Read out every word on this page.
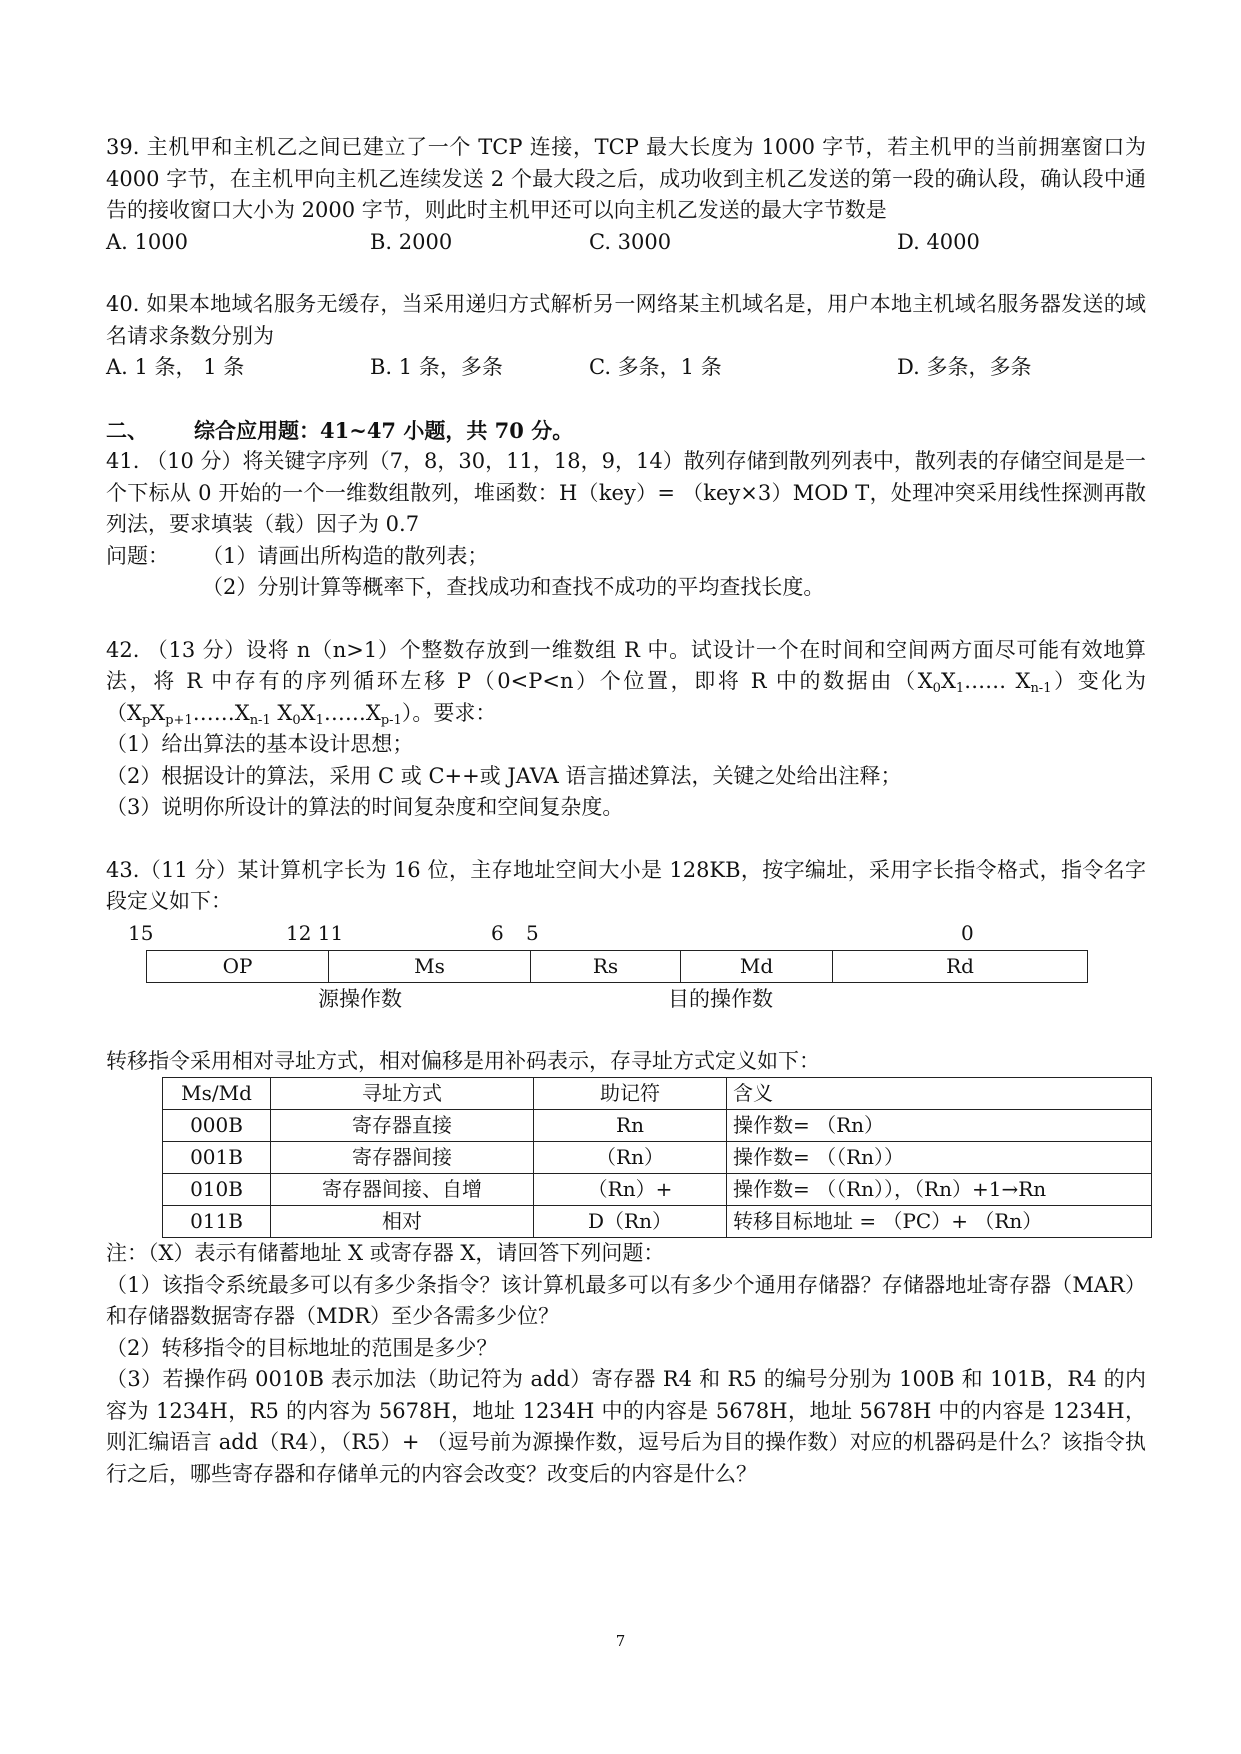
39. 主机甲和主机乙之间已建立了一个 TCP 连接，TCP 最大长度为 1000 字节，若主机甲的当前拥塞窗口为 4000 字节，在主机甲向主机乙连续发送 2 个最大段之后，成功收到主机乙发送的第一段的确认段，确认段中通告的接收窗口大小为 2000 字节，则此时主机甲还可以向主机乙发送的最大字节数是

A. 1000	B. 2000	C. 3000	D. 4000

40. 如果本地域名服务无缓存，当采用递归方式解析另一网络某主机域名是，用户本地主机域名服务器发送的域名请求条数分别为

A. 1 条， 1 条	B. 1 条，多条	C. 多条，1 条	D. 多条，多条

二、 综合应用题：41~47 小题，共 70 分。

41. （10 分）将关键字序列（7，8，30，11，18，9，14）散列存储到散列列表中，散列表的存储空间是是一个下标从 0 开始的一个一维数组散列，堆函数：H（key）= （key×3）MOD T，处理冲突采用线性探测再散列法，要求填装（载）因子为 0.7

问题： （1）请画出所构造的散列表；

（2）分别计算等概率下，查找成功和查找不成功的平均查找长度。

42. （13 分）设将 n（n>1）个整数存放到一维数组 R 中。试设计一个在时间和空间两方面尽可能有效地算法，将 R 中存有的序列循环左移 P（0<P<n）个位置，即将 R 中的数据由（$X_0X_1\dots\dots$ $X_{n-1}$）变化为（$X_pX_{p+1}\dots\dots X_{n-1}$ $X_0X_1\dots\dots X_{p-1}$）。要求：

（1）给出算法的基本设计思想；

（2）根据设计的算法，采用 C 或 C++或 JAVA 语言描述算法，关键之处给出注释；

（3）说明你所设计的算法的时间复杂度和空间复杂度。

43.（11 分）某计算机字长为 16 位，主存地址空间大小是 128KB，按字编址，采用字长指令格式，指令名字段定义如下：

15	12 11	6 5	0
OP	Ms	Rs	Md	Rd
源操作数	目的操作数

转移指令采用相对寻址方式，相对偏移是用补码表示，存寻址方式定义如下：

Ms/Md	寻址方式	助记符	含义
000B	寄存器直接	Rn	操作数= （Rn）
001B	寄存器间接	（Rn）	操作数= （（Rn））
010B	寄存器间接、自增	（Rn）+	操作数= （（Rn）），（Rn）+1→Rn
011B	相对	D（Rn）	转移目标地址 = （PC）+ （Rn）

注：（X）表示有储蓄地址 X 或寄存器 X，请回答下列问题：

（1）该指令系统最多可以有多少条指令？该计算机最多可以有多少个通用存储器？存储器地址寄存器（MAR）和存储器数据寄存器（MDR）至少各需多少位？

（2）转移指令的目标地址的范围是多少？

（3）若操作码 0010B 表示加法（助记符为 add）寄存器 R4 和 R5 的编号分别为 100B 和 101B，R4 的内容为 1234H，R5 的内容为 5678H，地址 1234H 中的内容是 5678H，地址 5678H 中的内容是 1234H，则汇编语言 add（R4），（R5）+ （逗号前为源操作数，逗号后为目的操作数）对应的机器码是什么？该指令执行之后，哪些寄存器和存储单元的内容会改变？改变后的内容是什么？

7
